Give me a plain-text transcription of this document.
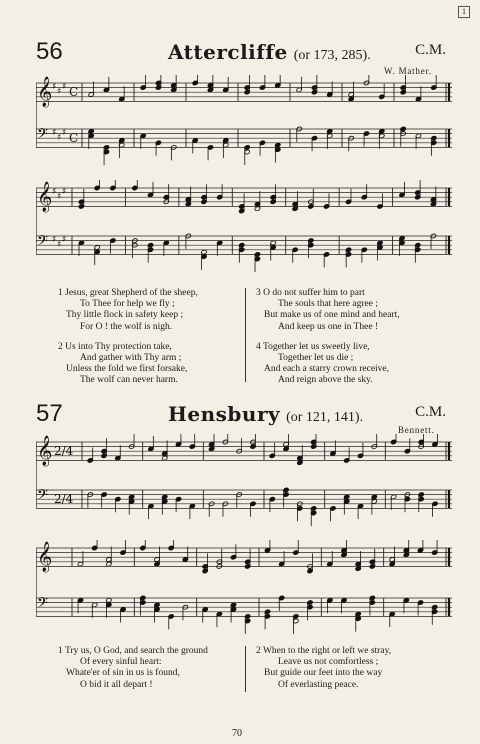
1
56	Attercliffe (or 173, 285).	C.M.
W. Mather.
𝄞 ♯ ♯ ♯ C
𝄢 ♯ ♯ ♯ C
𝄞 ♯ ♯ ♯
𝄢 ♯ ♯ ♯
1 Jesus, great Shepherd of the sheep,
To Thee for help we fly ;
Thy little flock in safety keep ;
For O ! the wolf is nigh.
2 Us into Thy protection take,
And gather with Thy arm ;
Unless the fold we first forsake,
The wolf can never harm.
3 O do not suffer him to part
The souls that here agree ;
But make us of one mind and heart,
And keep us one in Thee !
4 Together let us sweetly live,
Together let us die ;
And each a starry crown receive,
And reign above the sky.
57	Hensbury (or 121, 141).	C.M.
Bennett.
𝄞 2/4
𝄢 2/4
𝄞
𝄢
1 Try us, O God, and search the ground
Of every sinful heart:
Whate'er of sin in us is found,
O bid it all depart !
2 When to the right or left we stray,
Leave us not comfortless ;
But guide our feet into the way
Of everlasting peace.
70
